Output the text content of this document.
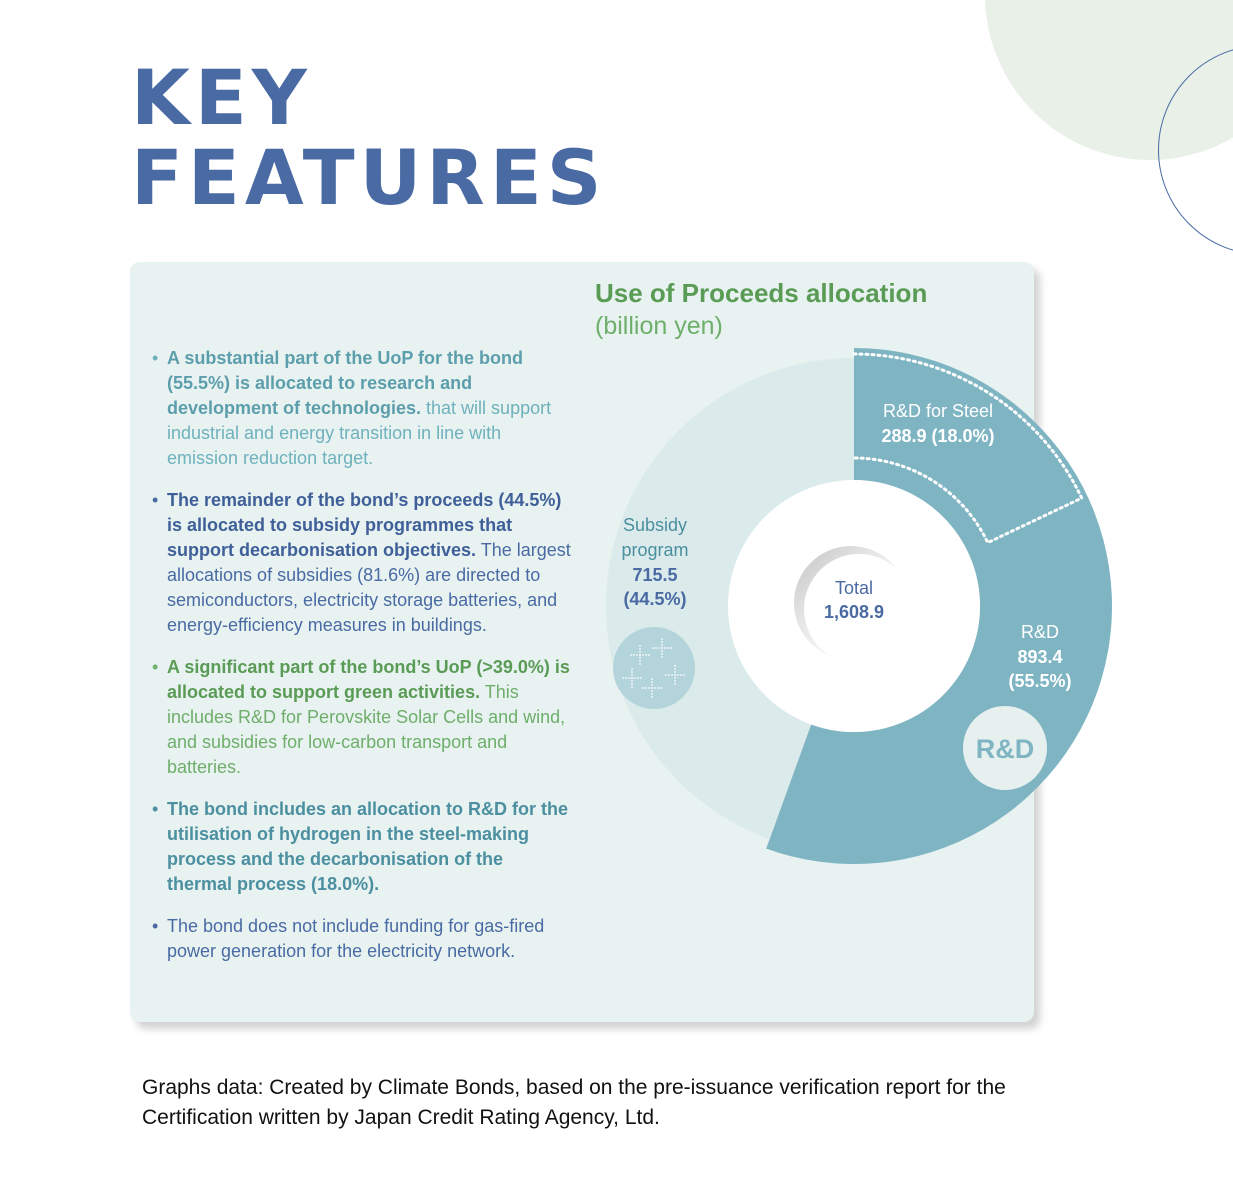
KEY
FEATURES
• A substantial part of the UoP for the bond (55.5%) is allocated to research and development of technologies. that will support industrial and energy transition in line with emission reduction target.
• The remainder of the bond’s proceeds (44.5%) is allocated to subsidy programmes that support decarbonisation objectives. The largest allocations of subsidies (81.6%) are directed to semiconductors, electricity storage batteries, and energy-efficiency measures in buildings.
• A significant part of the bond’s UoP (>39.0%) is allocated to support green activities. This includes R&D for Perovskite Solar Cells and wind, and subsidies for low-carbon transport and batteries.
• The bond includes an allocation to R&D for the utilisation of hydrogen in the steel-making process and the decarbonisation of the thermal process (18.0%).
• The bond does not include funding for gas-fired power generation for the electricity network.
Use of Proceeds allocation
(billion yen)
Total
1,608.9
R&D for Steel
288.9 (18.0%)
R&D
893.4
(55.5%)
R&D
Subsidy
program
715.5
(44.5%)

Graphs data: Created by Climate Bonds, based on the pre-issuance verification report for the Certification written by Japan Credit Rating Agency, Ltd.
